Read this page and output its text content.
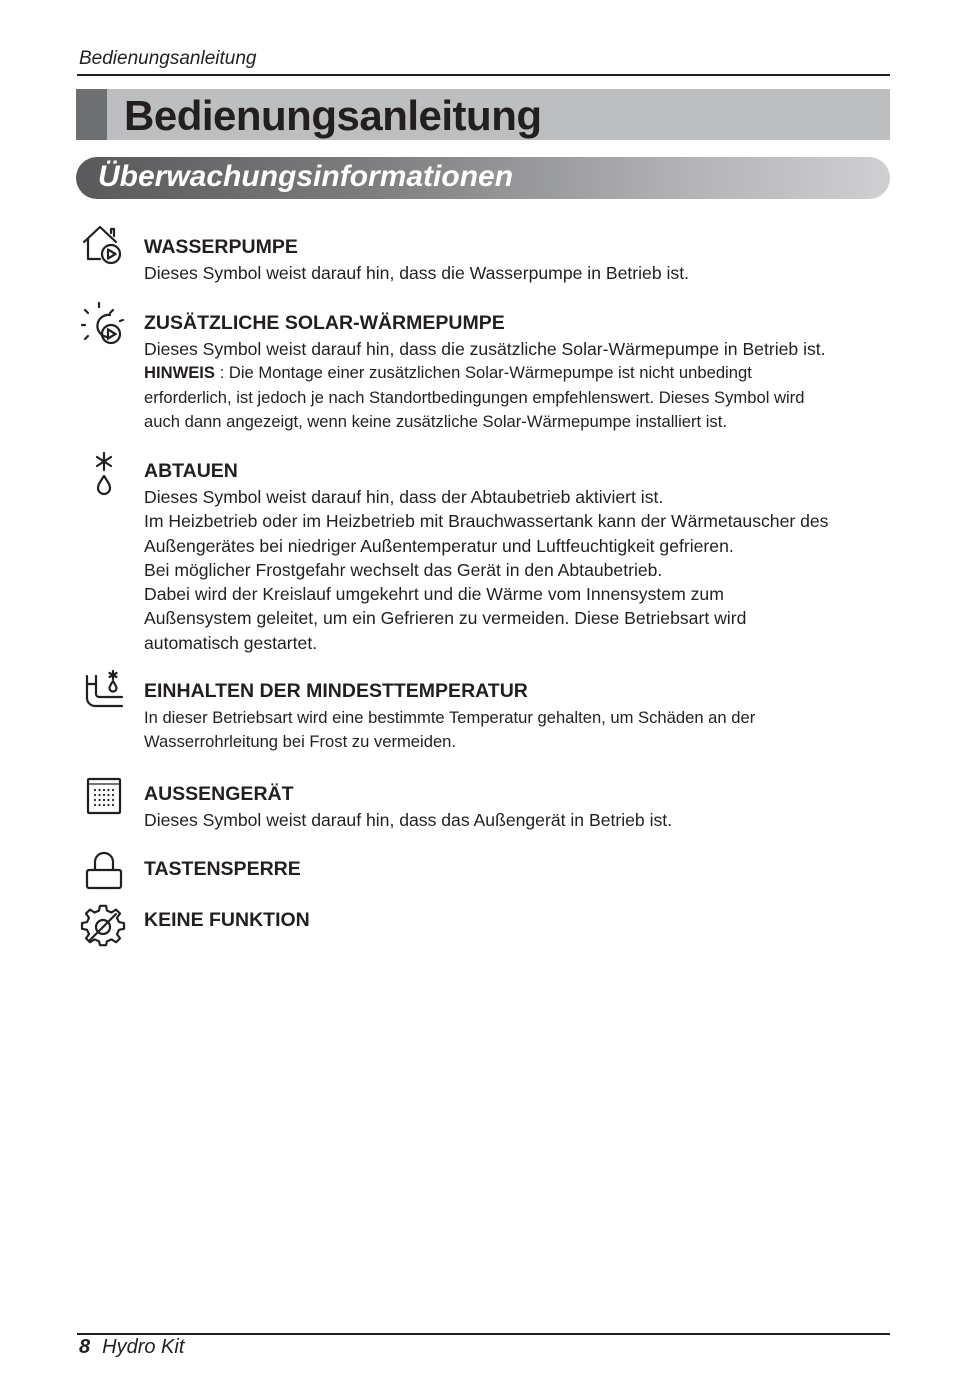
Bedienungsanleitung
Bedienungsanleitung
Überwachungsinformationen
WASSERPUMPE
Dieses Symbol weist darauf hin, dass die Wasserpumpe in Betrieb ist.
ZUSÄTZLICHE SOLAR-WÄRMEPUMPE
Dieses Symbol weist darauf hin, dass die zusätzliche Solar-Wärmepumpe in Betrieb ist.
HINWEIS : Die Montage einer zusätzlichen Solar-Wärmepumpe ist nicht unbedingt
erforderlich, ist jedoch je nach Standortbedingungen empfehlenswert. Dieses Symbol wird
auch dann angezeigt, wenn keine zusätzliche Solar-Wärmepumpe installiert ist.
ABTAUEN
Dieses Symbol weist darauf hin, dass der Abtaubetrieb aktiviert ist.
Im Heizbetrieb oder im Heizbetrieb mit Brauchwassertank kann der Wärmetauscher des
Außengerätes bei niedriger Außentemperatur und Luftfeuchtigkeit gefrieren.
Bei möglicher Frostgefahr wechselt das Gerät in den Abtaubetrieb.
Dabei wird der Kreislauf umgekehrt und die Wärme vom Innensystem zum
Außensystem geleitet, um ein Gefrieren zu vermeiden. Diese Betriebsart wird
automatisch gestartet.
EINHALTEN DER MINDESTTEMPERATUR
In dieser Betriebsart wird eine bestimmte Temperatur gehalten, um Schäden an der
Wasserrohrleitung bei Frost zu vermeiden.
AUSSENGERÄT
Dieses Symbol weist darauf hin, dass das Außengerät in Betrieb ist.
TASTENSPERRE
KEINE FUNKTION
8 Hydro Kit
